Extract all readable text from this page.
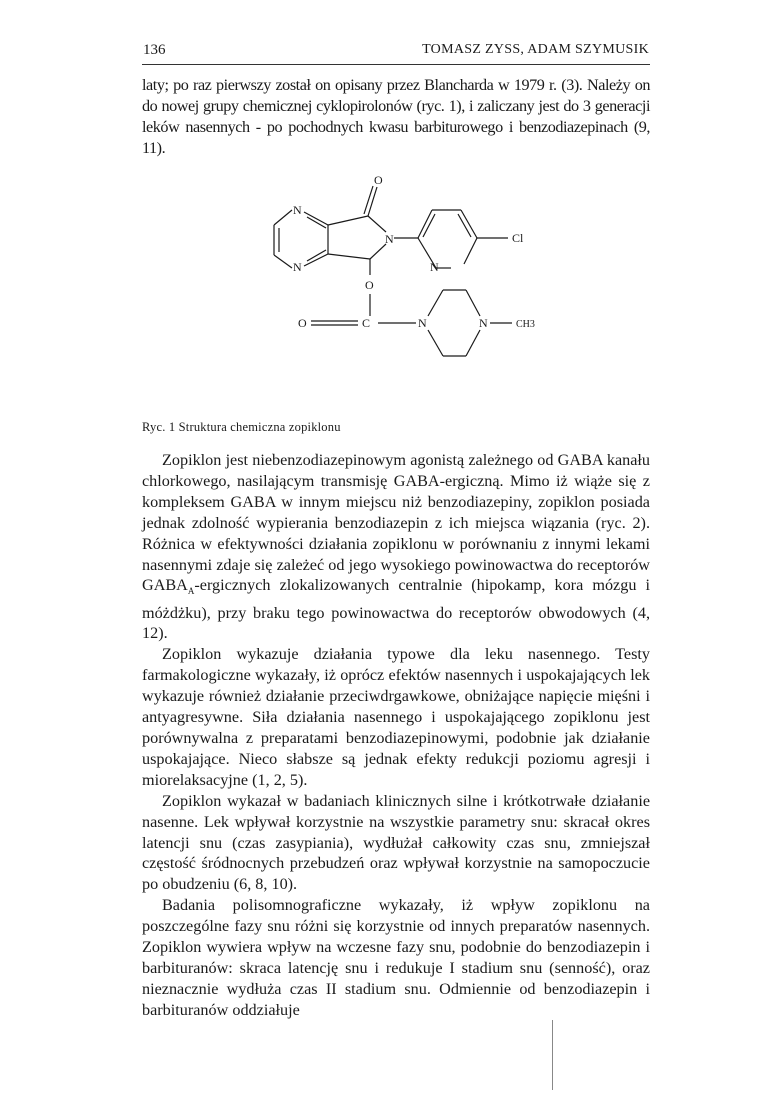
136	TOMASZ ZYSS, ADAM SZYMUSIK

laty; po raz pierwszy został on opisany przez Blancharda w 1979 r. (3). Należy on do nowej grupy chemicznej cyklopirolonów (ryc. 1), i zaliczany jest do 3 generacji leków nasennych - po pochodnych kwasu barbiturowego i benzodiazepinach (9, 11).

O
N
N
N
N
Cl
O
O	C	N	N	CH3

Ryc. 1 Struktura chemiczna zopiklonu

Zopiklon jest niebenzodiazepinowym agonistą zależnego od GABA kanału chlorkowego, nasilającym transmisję GABA-ergiczną. Mimo iż wiąże się z kompleksem GABA w innym miejscu niż benzodiazepiny, zopiklon posiada jednak zdolność wypierania benzodiazepin z ich miejsca wiązania (ryc. 2). Różnica w efektywności działania zopiklonu w porównaniu z innymi lekami nasennymi zdaje się zależeć od jego wysokiego powinowactwa do receptorów $GABA_A$-ergicznych zlokalizowanych centralnie (hipokamp, kora mózgu i móżdżku), przy braku tego powinowactwa do receptorów obwodowych (4, 12).

Zopiklon wykazuje działania typowe dla leku nasennego. Testy farmakologiczne wykazały, iż oprócz efektów nasennych i uspokajających lek wykazuje również działanie przeciwdrgawkowe, obniżające napięcie mięśni i antyagresywne. Siła działania nasennego i uspokajającego zopiklonu jest porównywalna z preparatami benzodiazepinowymi, podobnie jak działanie uspokajające. Nieco słabsze są jednak efekty redukcji poziomu agresji i miorelaksacyjne (1, 2, 5).

Zopiklon wykazał w badaniach klinicznych silne i krótkotrwałe działanie nasenne. Lek wpływał korzystnie na wszystkie parametry snu: skracał okres latencji snu (czas zasypiania), wydłużał całkowity czas snu, zmniejszał częstość śródnocnych przebudzeń oraz wpływał korzystnie na samopoczucie po obudzeniu (6, 8, 10).

Badania polisomnograficzne wykazały, iż wpływ zopiklonu na poszczególne fazy snu różni się korzystnie od innych preparatów nasennych. Zopiklon wywiera wpływ na wczesne fazy snu, podobnie do benzodiazepin i barbituranów: skraca latencję snu i redukuje I stadium snu (senność), oraz nieznacznie wydłuża czas II stadium snu. Odmiennie od benzodiazepin i barbituranów oddziałuje
